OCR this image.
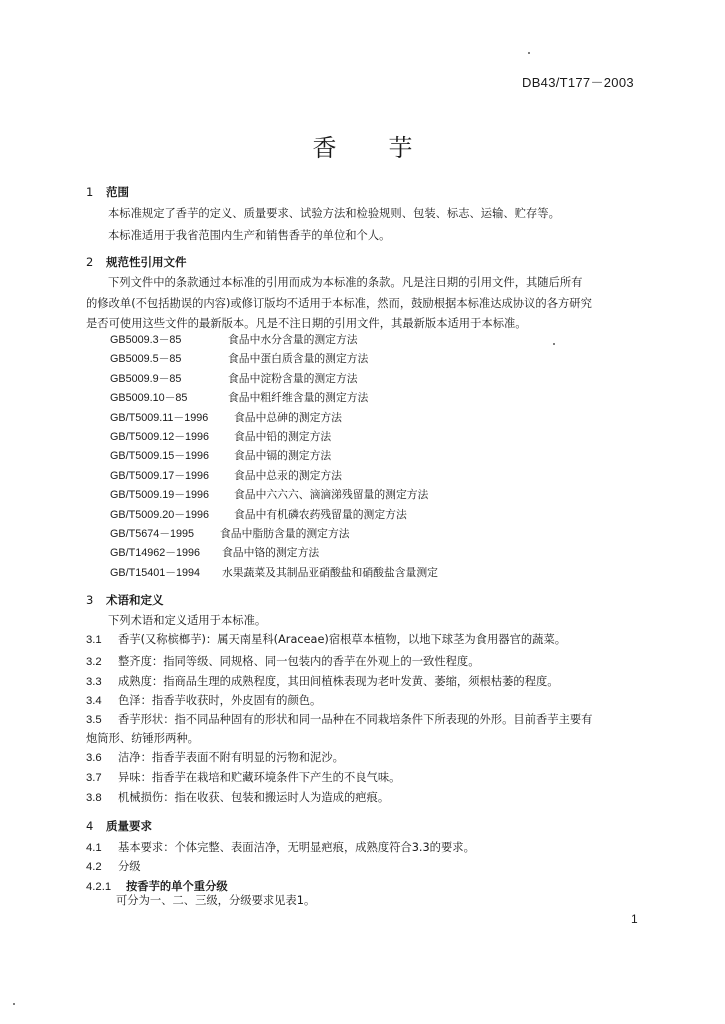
DB43/T177－2003
香芋
1 范围
本标准规定了香芋的定义、质量要求、试验方法和检验规则、包装、标志、运输、贮存等。
本标准适用于我省范围内生产和销售香芋的单位和个人。
2 规范性引用文件
下列文件中的条款通过本标准的引用而成为本标准的条款。凡是注日期的引用文件，其随后所有
的修改单(不包括勘误的内容)或修订版均不适用于本标准，然而，鼓励根据本标准达成协议的各方研究
是否可使用这些文件的最新版本。凡是不注日期的引用文件，其最新版本适用于本标准。
GB5009.3－85	食品中水分含量的测定方法
GB5009.5－85	食品中蛋白质含量的测定方法
GB5009.9－85	食品中淀粉含量的测定方法
GB5009.10－85	食品中粗纤维含量的测定方法
GB/T5009.11－1996 食品中总砷的测定方法
GB/T5009.12－1996 食品中铅的测定方法
GB/T5009.15－1996 食品中镉的测定方法
GB/T5009.17－1996 食品中总汞的测定方法
GB/T5009.19－1996 食品中六六六、滴滴涕残留量的测定方法
GB/T5009.20－1996 食品中有机磷农药残留量的测定方法
GB/T5674－1995 食品中脂肪含量的测定方法
GB/T14962－1996 食品中铬的测定方法
GB/T15401－1994 水果蔬菜及其制品亚硝酸盐和硝酸盐含量测定
3 术语和定义
下列术语和定义适用于本标准。
3.1 香芋(又称槟榔芋)：属天南星科(Araceae)宿根草本植物，以地下球茎为食用器官的蔬菜。
3.2 整齐度：指同等级、同规格、同一包装内的香芋在外观上的一致性程度。
3.3 成熟度：指商品生理的成熟程度，其田间植株表现为老叶发黄、萎缩，须根枯萎的程度。
3.4 色泽：指香芋收获时，外皮固有的颜色。
3.5 香芋形状：指不同品种固有的形状和同一品种在不同栽培条件下所表现的外形。目前香芋主要有
炮筒形、纺锤形两种。
3.6 洁净：指香芋表面不附有明显的污物和泥沙。
3.7 异味：指香芋在栽培和贮藏环境条件下产生的不良气味。
3.8 机械损伤：指在收获、包装和搬运时人为造成的疤痕。
4 质量要求
4.1 基本要求：个体完整、表面洁净，无明显疤痕，成熟度符合3.3的要求。
4.2 分级
4.2.1 按香芋的单个重分级
可分为一、二、三级，分级要求见表1。
1
